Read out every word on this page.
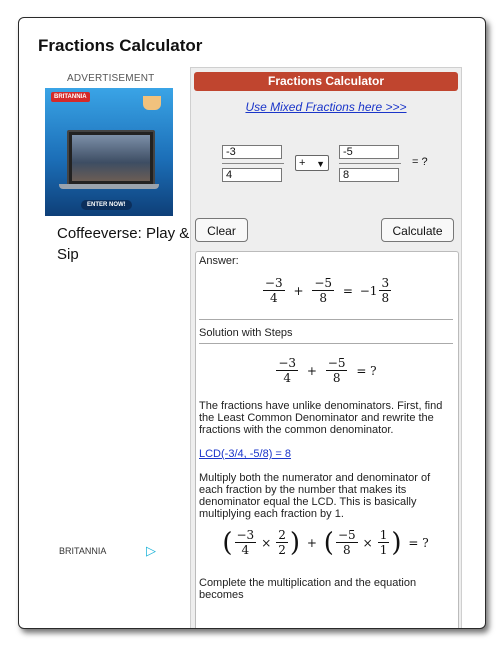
Fractions Calculator
ADVERTISEMENT
BRITANNIA
ENTER NOW!
Coffeeverse: Play & Sip
BRITANNIA	▷
Fractions Calculator
Use Mixed Fractions here >>>
-3
4
+ ▼
-5
8
= ?
Clear	Calculate
Answer:
$\frac{-3}{4} + \frac{-5}{8} = -1 \frac{3}{8}$
Solution with Steps
$\frac{-3}{4} + \frac{-5}{8}$ = ?
The fractions have unlike denominators. First, find the Least Common Denominator and rewrite the fractions with the common denominator.
LCD(-3/4, -5/8) = 8
Multiply both the numerator and denominator of each fraction by the number that makes its denominator equal the LCD. This is basically multiplying each fraction by 1.
( $\frac{-3}{4} \times \frac{2}{2}$ ) + ( $\frac{-5}{8} \times \frac{1}{1}$ ) = ?
Complete the multiplication and the equation becomes
